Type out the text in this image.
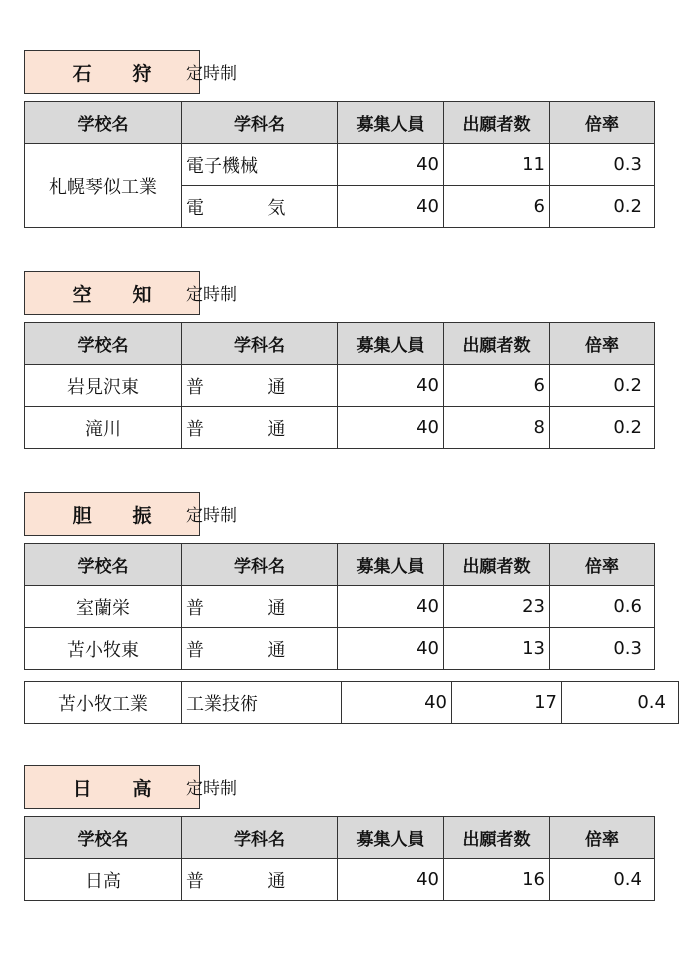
石 狩	定時制
学校名	学科名	募集人員	出願者数	倍率
札幌琴似工業	電子機械	40	11	0.3
	電 気	40	6	0.2
空 知	定時制
学校名	学科名	募集人員	出願者数	倍率
岩見沢東	普 通	40	6	0.2
滝川	普 通	40	8	0.2
胆 振	定時制
学校名	学科名	募集人員	出願者数	倍率
室蘭栄	普 通	40	23	0.6
苫小牧東	普 通	40	13	0.3
苫小牧工業	工業技術	40	17	0.4
日 高	定時制
学校名	学科名	募集人員	出願者数	倍率
日高	普 通	40	16	0.4
